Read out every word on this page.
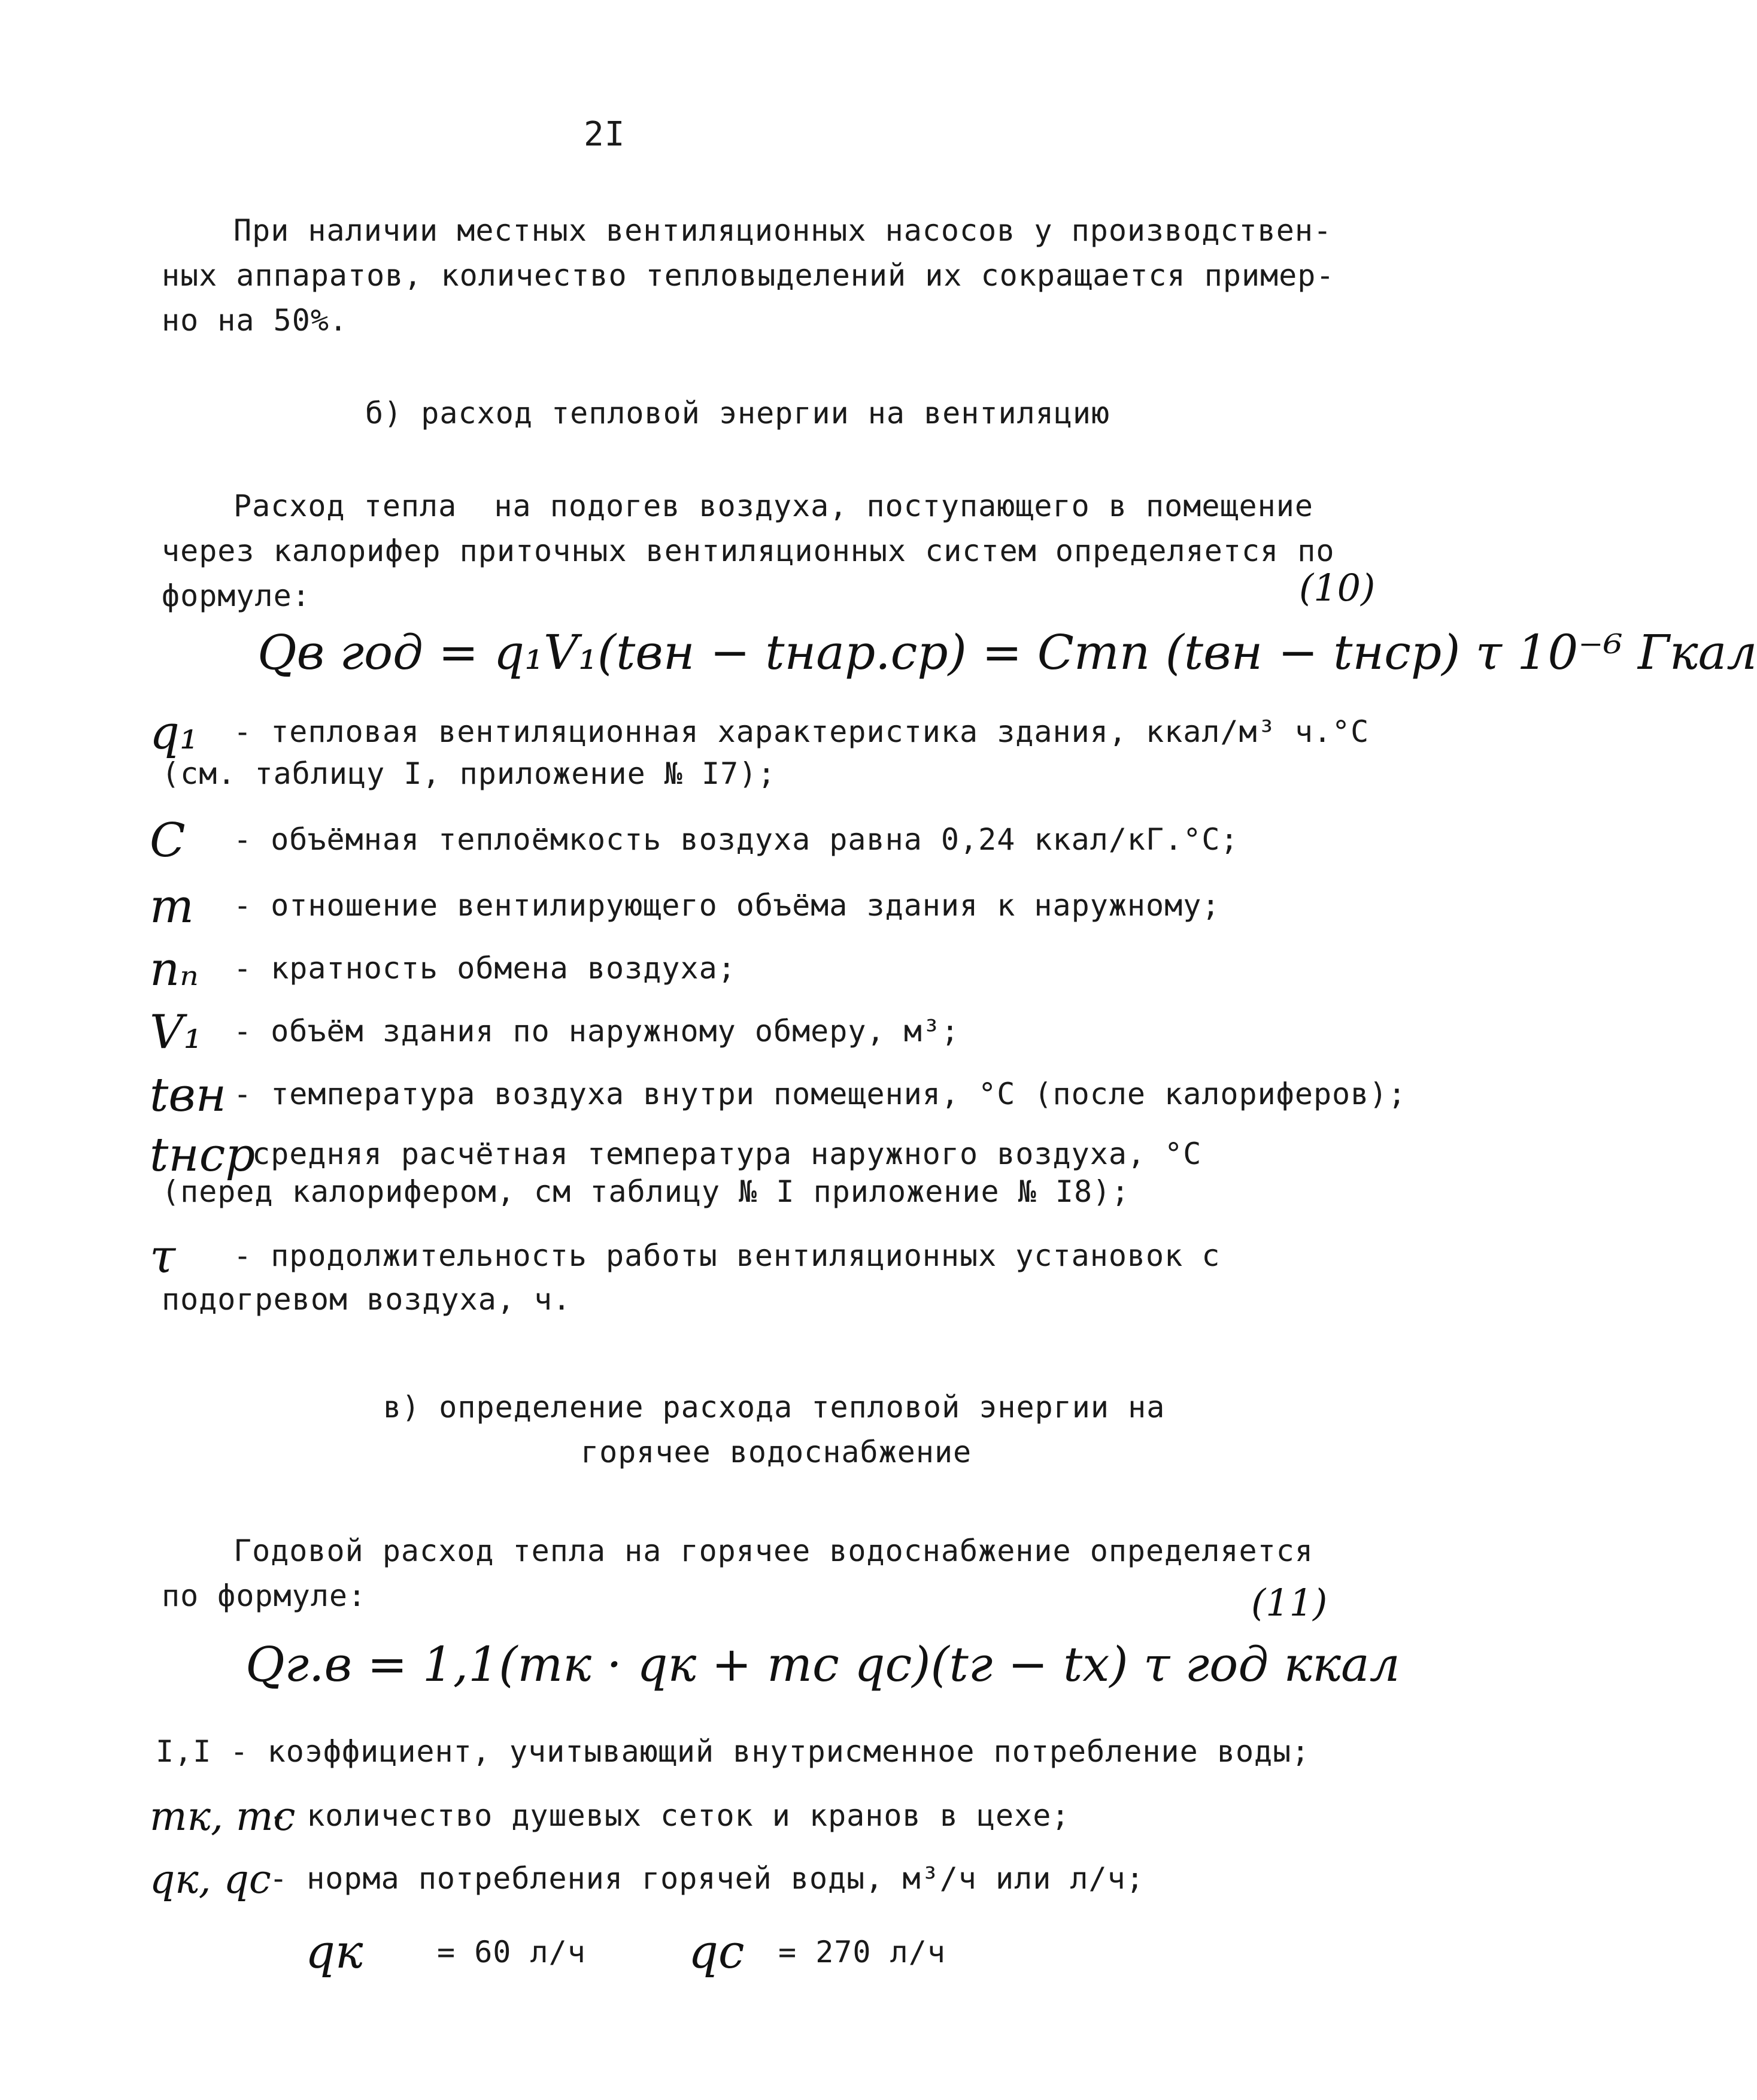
2I
При наличии местных вентиляционных насосов у производствен-
ных аппаратов, количество тепловыделений их сокращается пример-
но на 50%.
б) расход тепловой энергии на вентиляцию
Расход тепла  на подогев воздуха, поступающего в помещение
через калорифер приточных вентиляционных систем определяется по
формуле:	(10)
Qв год = q₁V₁(tвн − tнар.ср) = Cmn (tвн − tнср) τ 10⁻⁶ Гкал
q₁ - тепловая вентиляционная характеристика здания, ккал/м³ ч.°C
(см. таблицу I, приложение № I7);
C - объёмная теплоёмкость воздуха равна 0,24 ккал/кГ.°C;
m - отношение вентилирующего объёма здания к наружному;
nₙ - кратность обмена воздуха;
V₁ - объём здания по наружному обмеру, м³;
tвн - температура воздуха внутри помещения, °C (после калориферов);
tнср
средняя расчётная температура наружного воздуха, °C
(перед калорифером, см таблицу № I приложение № I8);
τ - продолжительность работы вентиляционных установок с
подогревом воздуха, ч.
в) определение расхода тепловой энергии на
горячее водоснабжение
Годовой расход тепла на горячее водоснабжение определяется
по формуле:	(11)
Qг.в = 1,1(mк · qк + mс qс)(tг − tх) τ год ккал
I,I - коэффициент, учитывающий внутрисменное потребление воды;
mк, mс
- количество душевых сеток и кранов в цехе;
qк, qс
- норма потребления горячей воды, м³/ч или л/ч;
qк = 60 л/ч qс = 270 л/ч
